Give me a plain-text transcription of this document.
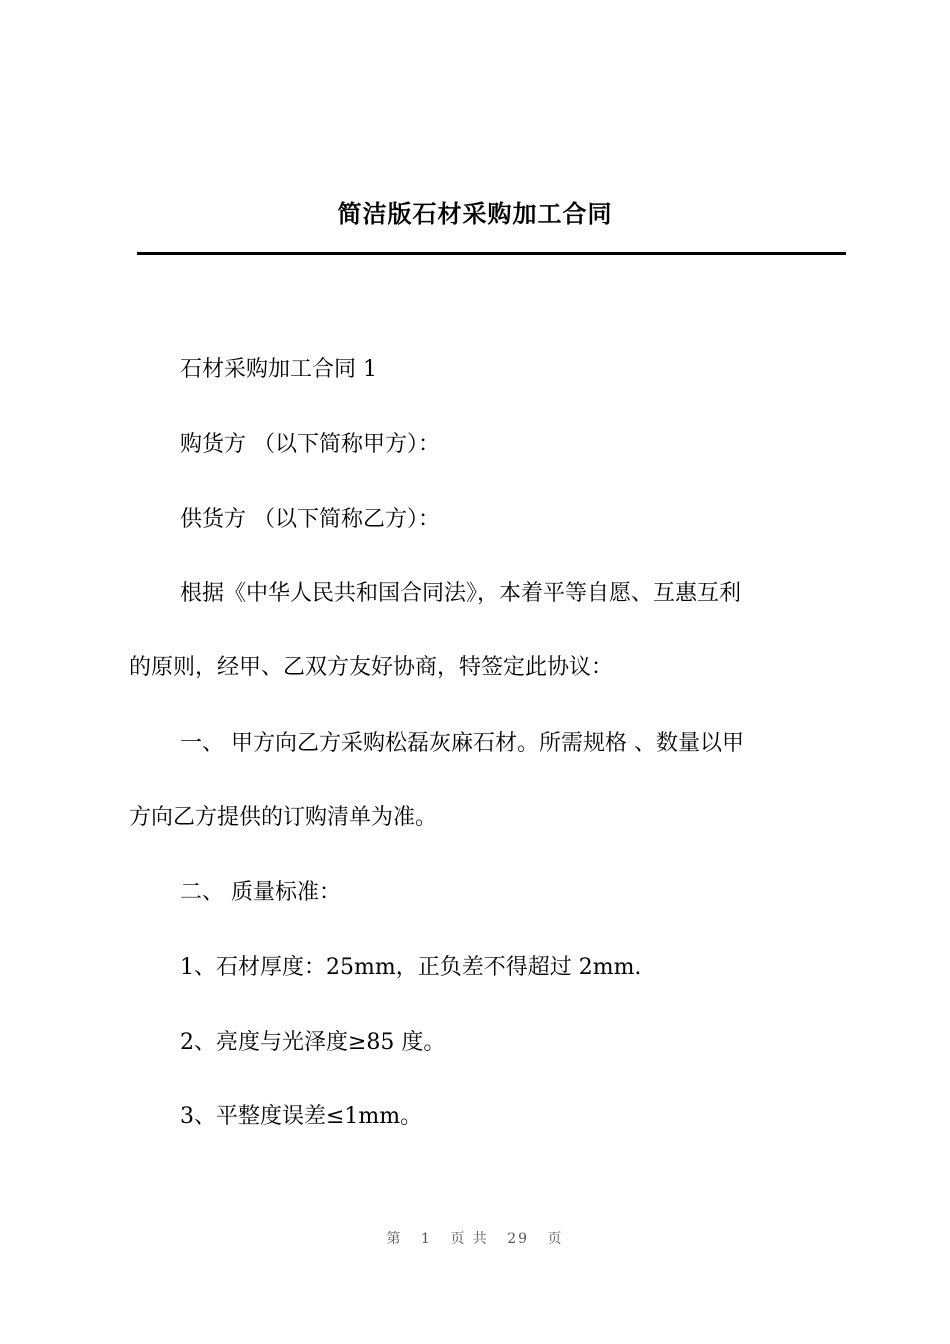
简洁版石材采购加工合同

石材采购加工合同 1

购货方 （以下简称甲方）：

供货方 （以下简称乙方）：

根据《中华人民共和国合同法》，本着平等自愿、互惠互利

的原则，经甲、乙双方友好协商，特签定此协议：

一、 甲方向乙方采购松磊灰麻石材。所需规格 、数量以甲

方向乙方提供的订购清单为准。

二、 质量标准：

1、石材厚度：25mm，正负差不得超过 2mm.

2、亮度与光泽度≥85 度。

3、平整度误差≤1mm。

第 1 页 共 29 页
